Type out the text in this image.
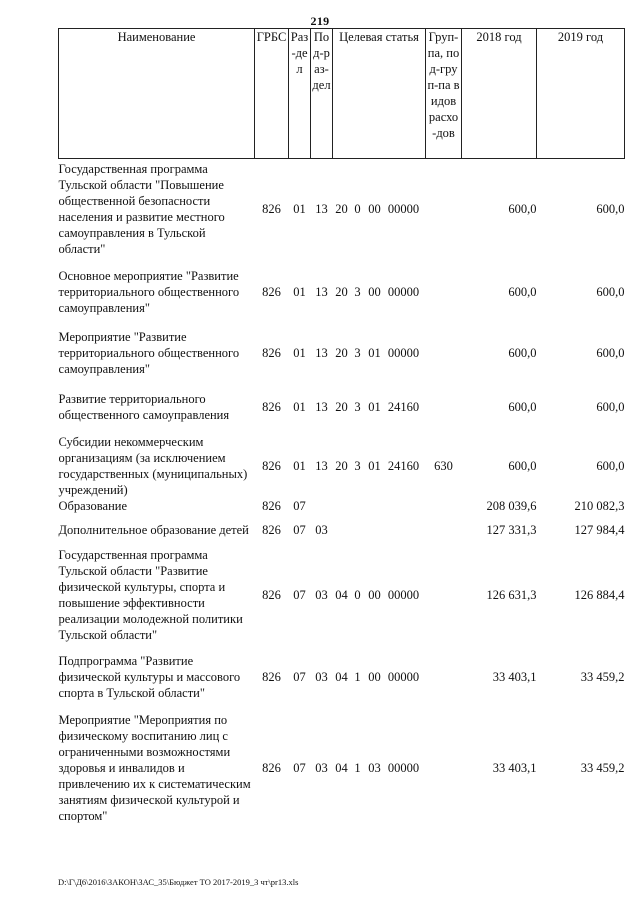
219
Наименование	ГРБС	Раз-дел	Под-раз-дел	Целевая статья	Груп-па, под-груп-па видов расхо-дов	2018 год	2019 год
Государственная программа Тульской области "Повышение общественной безопасности населения и развитие местного самоуправления в Тульской области"	826	01	13	20 0 00 00000		600,0	600,0
Основное мероприятие "Развитие территориального общественного самоуправления"	826	01	13	20 3 00 00000		600,0	600,0
Мероприятие "Развитие территориального общественного самоуправления"	826	01	13	20 3 01 00000		600,0	600,0
Развитие территориального общественного самоуправления	826	01	13	20 3 01 24160		600,0	600,0
Субсидии некоммерческим организациям (за исключением государственных (муниципальных) учреждений)	826	01	13	20 3 01 24160	630	600,0	600,0
Образование	826	07				208 039,6	210 082,3
Дополнительное образование детей	826	07	03			127 331,3	127 984,4
Государственная программа Тульской области "Развитие физической культуры, спорта и повышение эффективности реализации молодежной политики Тульской области"	826	07	03	04 0 00 00000		126 631,3	126 884,4
Подпрограмма "Развитие физической культуры и массового спорта в Тульской области"	826	07	03	04 1 00 00000		33 403,1	33 459,2
Мероприятие "Мероприятия по физическому воспитанию лиц с ограниченными возможностями здоровья и инвалидов и привлечению их к систематическим занятиям физической культурой и спортом"	826	07	03	04 1 03 00000		33 403,1	33 459,2
D:\Г\Д6\2016\ЗАКОН\ЗАС_35\Бюджет ТО 2017-2019_3 чт\pr13.xls
